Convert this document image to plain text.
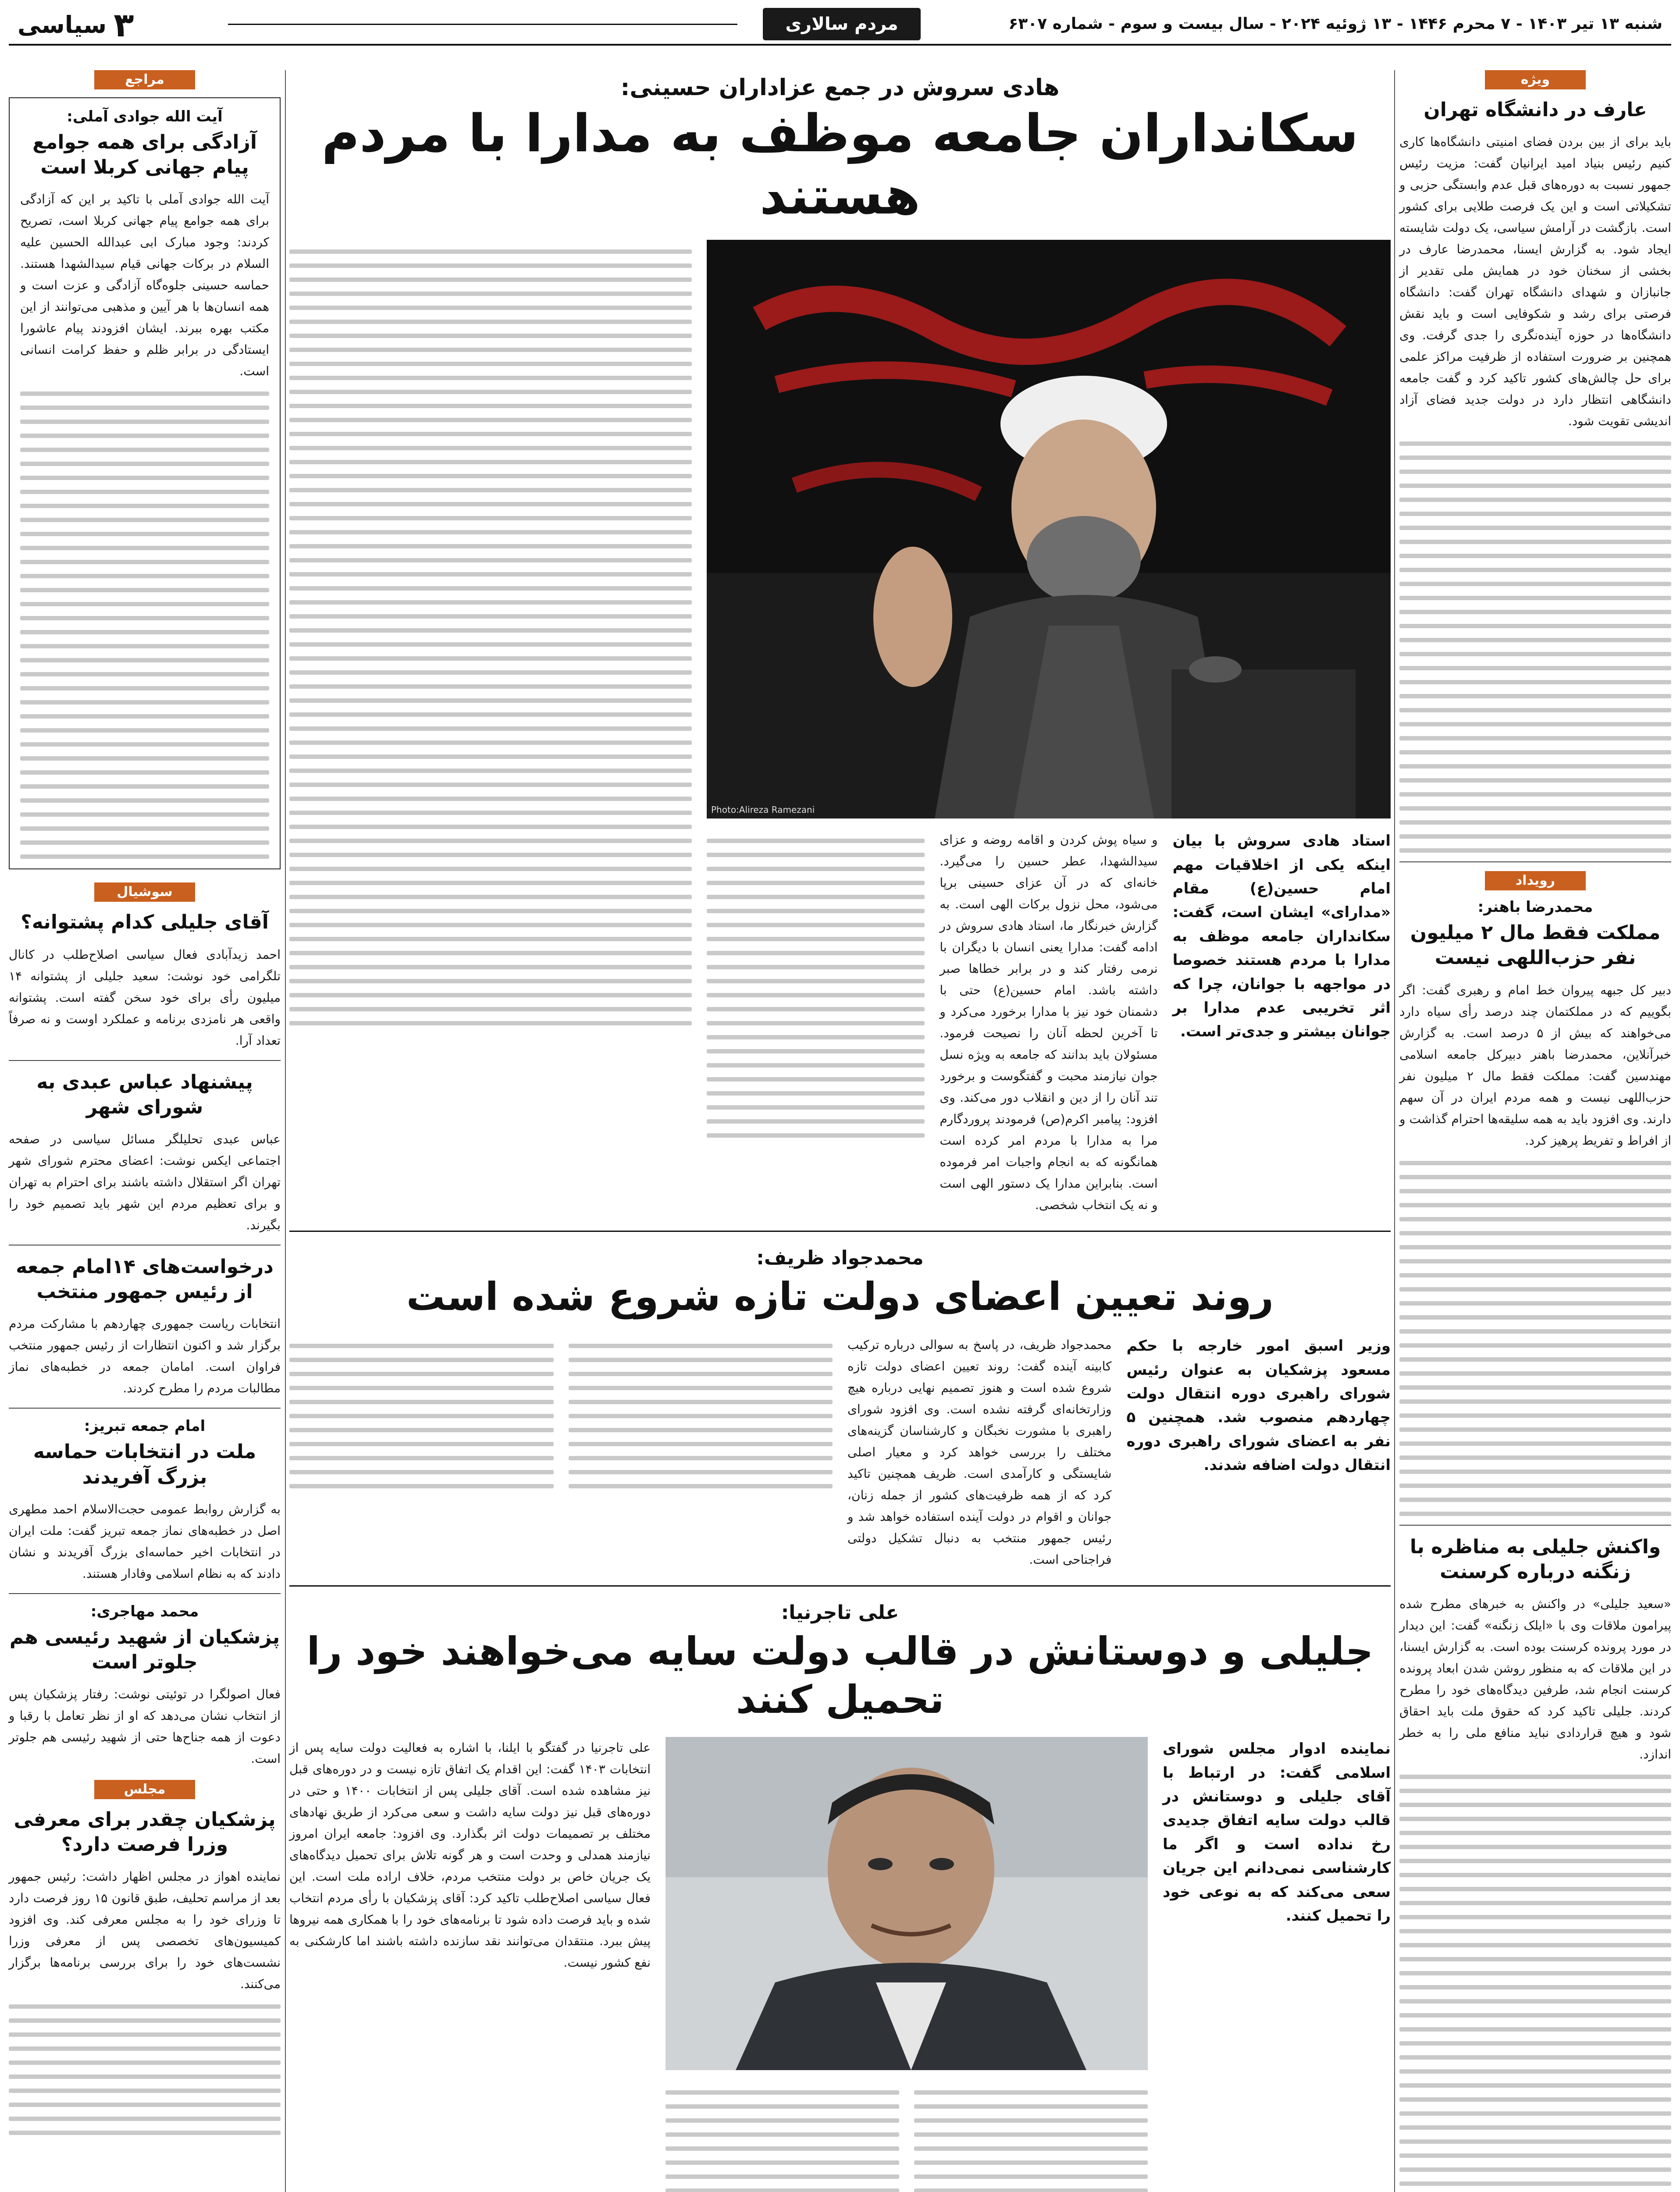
شنبه ۱۳ تیر ۱۴۰۳ - ۷ محرم ۱۴۴۶ - ۱۳ ژوئیه ۲۰۲۴ - سال بیست و سوم - شماره ۶۳۰۷
مردم سالاری
۳
سیاسی
ویژه
عارف در دانشگاه تهران
باید برای از بین بردن فضای امنیتی دانشگاه‌ها کاری کنیم رئیس بنیاد امید ایرانیان گفت: مزیت رئیس جمهور نسبت به دوره‌های قبل عدم وابستگی حزبی و تشکیلاتی است و این یک فرصت طلایی برای کشور است. بازگشت در آرامش سیاسی، یک دولت شایسته ایجاد شود. به گزارش ایسنا، محمدرضا عارف در بخشی از سخنان خود در همایش ملی تقدیر از جانبازان و شهدای دانشگاه تهران گفت: دانشگاه فرصتی برای رشد و شکوفایی است و باید نقش دانشگاه‌ها در حوزه آینده‌نگری را جدی گرفت. وی همچنین بر ضرورت استفاده از ظرفیت مراکز علمی برای حل چالش‌های کشور تاکید کرد و گفت جامعه دانشگاهی انتظار دارد در دولت جدید فضای آزاد اندیشی تقویت شود.
رویداد
محمدرضا باهنر:
مملکت فقط مال ۲ میلیون نفر حزب‌اللهی نیست
دبیر کل جبهه پیروان خط امام و رهبری گفت: اگر بگوییم که در مملکتمان چند درصد رأی سیاه دارد می‌خواهند که بیش از ۵ درصد است. به گزارش خبرآنلاین، محمدرضا باهنر دبیرکل جامعه اسلامی مهندسین گفت: مملکت فقط مال ۲ میلیون نفر حزب‌اللهی نیست و همه مردم ایران در آن سهم دارند. وی افزود باید به همه سلیقه‌ها احترام گذاشت و از افراط و تفریط پرهیز کرد.
واکنش جلیلی به مناظره با زنگنه درباره کرسنت
«سعید جلیلی» در واکنش به خبرهای مطرح شده پیرامون ملاقات وی با «ایلک زنگنه» گفت: این دیدار در مورد پرونده کرسنت بوده است. به گزارش ایسنا، در این ملاقات که به منظور روشن شدن ابعاد پرونده کرسنت انجام شد، طرفین دیدگاه‌های خود را مطرح کردند. جلیلی تاکید کرد که حقوق ملت باید احقاق شود و هیچ قراردادی نباید منافع ملی را به خطر اندازد.
مراجع
آیت الله جوادی آملی:
آزادگی برای همه جوامع پیام جهانی کربلا است
آیت الله جوادی آملی با تاکید بر این که آزادگی برای همه جوامع پیام جهانی کربلا است، تصریح کردند: وجود مبارک ابی عبدالله الحسین علیه السلام در برکات جهانی قیام سیدالشهدا هستند. حماسه حسینی جلوه‌گاه آزادگی و عزت است و همه انسان‌ها با هر آیین و مذهبی می‌توانند از این مکتب بهره ببرند. ایشان افزودند پیام عاشورا ایستادگی در برابر ظلم و حفظ کرامت انسانی است.
سوشیال
آقای جلیلی کدام پشتوانه؟
احمد زیدآبادی فعال سیاسی اصلاح‌طلب در کانال تلگرامی خود نوشت: سعید جلیلی از پشتوانه ۱۴ میلیون رأی برای خود سخن گفته است. پشتوانه واقعی هر نامزدی برنامه و عملکرد اوست و نه صرفاً تعداد آرا.
پیشنهاد عباس عبدی به شورای شهر
عباس عبدی تحلیلگر مسائل سیاسی در صفحه اجتماعی ایکس نوشت: اعضای محترم شورای شهر تهران اگر استقلال داشته باشند برای احترام به تهران و برای تعظیم مردم این شهر باید تصمیم خود را بگیرند.
درخواست‌های ۱۴امام جمعه از رئیس جمهور منتخب
انتخابات ریاست جمهوری چهاردهم با مشارکت مردم برگزار شد و اکنون انتظارات از رئیس جمهور منتخب فراوان است. امامان جمعه در خطبه‌های نماز مطالبات مردم را مطرح کردند.
امام جمعه تبریز:
ملت در انتخابات حماسه بزرگ آفریدند
به گزارش روابط عمومی حجت‌الاسلام احمد مطهری اصل در خطبه‌های نماز جمعه تبریز گفت: ملت ایران در انتخابات اخیر حماسه‌ای بزرگ آفریدند و نشان دادند که به نظام اسلامی وفادار هستند.
محمد مهاجری:
پزشکیان از شهید رئیسی هم جلوتر است
فعال اصولگرا در توئیتی نوشت: رفتار پزشکیان پس از انتخاب نشان می‌دهد که او از نظر تعامل با رقبا و دعوت از همه جناح‌ها حتی از شهید رئیسی هم جلوتر است.
مجلس
پزشکیان چقدر برای معرفی وزرا فرصت دارد؟
نماینده اهواز در مجلس اظهار داشت: رئیس جمهور بعد از مراسم تحلیف، طبق قانون ۱۵ روز فرصت دارد تا وزرای خود را به مجلس معرفی کند. وی افزود کمیسیون‌های تخصصی پس از معرفی وزرا نشست‌های خود را برای بررسی برنامه‌ها برگزار می‌کنند.
هادی سروش در جمع عزاداران حسینی:
سکانداران جامعه موظف به مدارا با مردم هستند
Photo:Alireza Ramezani
استاد هادی سروش با بیان اینکه یکی از اخلاقیات مهم امام حسین(ع) مقام «مدارای» ایشان است، گفت: سکانداران جامعه موظف به مدارا با مردم هستند خصوصا در مواجهه با جوانان، چرا که اثر تخریبی عدم مدارا بر جوانان بیشتر و جدی‌تر است.
و سیاه پوش کردن و اقامه روضه و عزای سیدالشهدا، عطر حسین را می‌گیرد. خانه‌ای که در آن عزای حسینی برپا می‌شود، محل نزول برکات الهی است. به گزارش خبرنگار ما، استاد هادی سروش در ادامه گفت: مدارا یعنی انسان با دیگران با نرمی رفتار کند و در برابر خطاها صبر داشته باشد. امام حسین(ع) حتی با دشمنان خود نیز با مدارا برخورد می‌کرد و تا آخرین لحظه آنان را نصیحت فرمود. مسئولان باید بدانند که جامعه به ویژه نسل جوان نیازمند محبت و گفتگوست و برخورد تند آنان را از دین و انقلاب دور می‌کند. وی افزود: پیامبر اکرم(ص) فرمودند پروردگارم مرا به مدارا با مردم امر کرده است همانگونه که به انجام واجبات امر فرموده است. بنابراین مدارا یک دستور الهی است و نه یک انتخاب شخصی.
محمدجواد ظریف:
روند تعیین اعضای دولت تازه شروع شده است
وزیر اسبق امور خارجه با حکم مسعود پزشکیان به عنوان رئیس شورای راهبری دوره انتقال دولت چهاردهم منصوب شد. همچنین ۵ نفر به اعضای شورای راهبری دوره انتقال دولت اضافه شدند.
محمدجواد ظریف، در پاسخ به سوالی درباره ترکیب کابینه آینده گفت: روند تعیین اعضای دولت تازه شروع شده است و هنوز تصمیم نهایی درباره هیچ وزارتخانه‌ای گرفته نشده است. وی افزود شورای راهبری با مشورت نخبگان و کارشناسان گزینه‌های مختلف را بررسی خواهد کرد و معیار اصلی شایستگی و کارآمدی است. ظریف همچنین تاکید کرد که از همه ظرفیت‌های کشور از جمله زنان، جوانان و اقوام در دولت آینده استفاده خواهد شد و رئیس جمهور منتخب به دنبال تشکیل دولتی فراجناحی است.
علی تاجرنیا:
جلیلی و دوستانش در قالب دولت سایه می‌خواهند خود را تحمیل کنند
نماینده ادوار مجلس شورای اسلامی گفت: در ارتباط با آقای جلیلی و دوستانش در قالب دولت سایه اتفاق جدیدی رخ نداده است و اگر ما کارشناسی نمی‌دانم این جریان سعی می‌کند که به نوعی خود را تحمیل کنند.
علی تاجرنیا در گفتگو با ایلنا، با اشاره به فعالیت دولت سایه پس از انتخابات ۱۴۰۳ گفت: این اقدام یک اتفاق تازه نیست و در دوره‌های قبل نیز مشاهده شده است. آقای جلیلی پس از انتخابات ۱۴۰۰ و حتی در دوره‌های قبل نیز دولت سایه داشت و سعی می‌کرد از طریق نهادهای مختلف بر تصمیمات دولت اثر بگذارد. وی افزود: جامعه ایران امروز نیازمند همدلی و وحدت است و هر گونه تلاش برای تحمیل دیدگاه‌های یک جریان خاص بر دولت منتخب مردم، خلاف اراده ملت است. این فعال سیاسی اصلاح‌طلب تاکید کرد: آقای پزشکیان با رأی مردم انتخاب شده و باید فرصت داده شود تا برنامه‌های خود را با همکاری همه نیروها پیش ببرد. منتقدان می‌توانند نقد سازنده داشته باشند اما کارشکنی به نفع کشور نیست.
